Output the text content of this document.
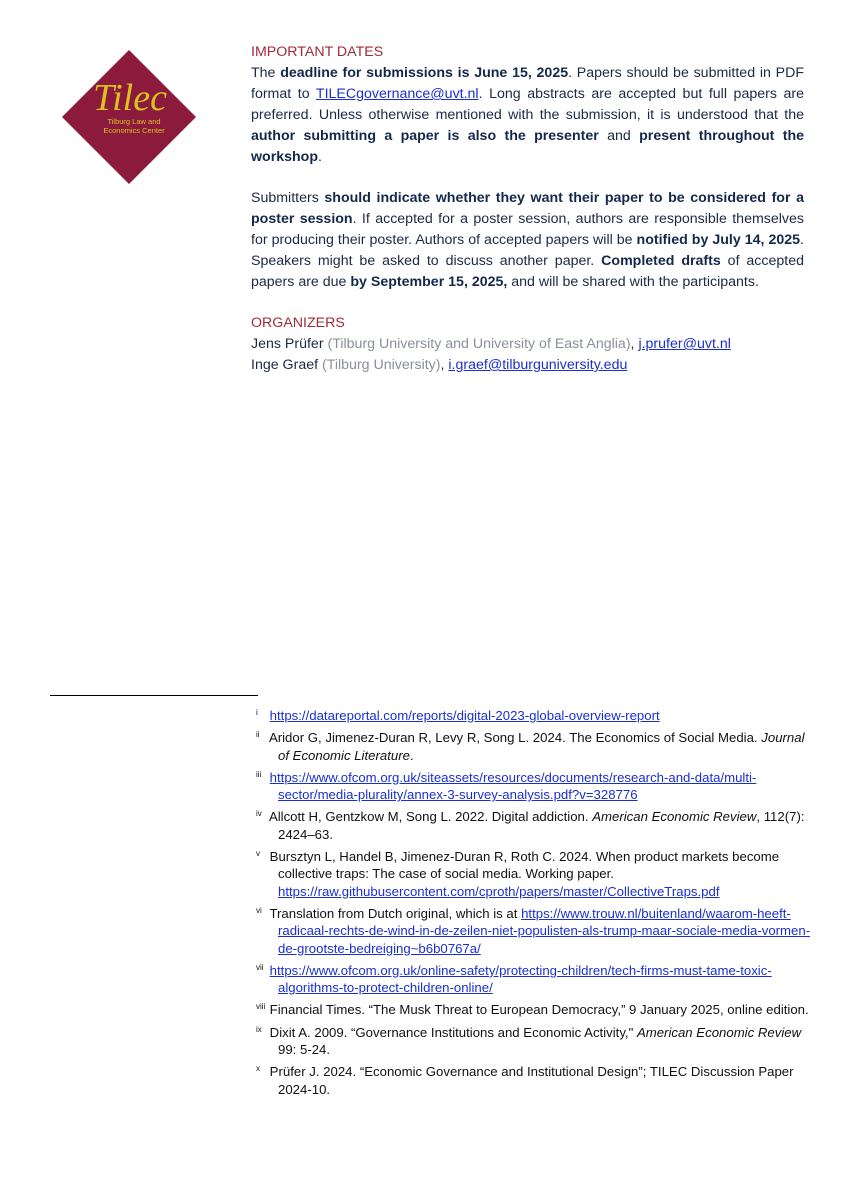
Tilec
Tilburg Law and
Economics Center
IMPORTANT DATES

The deadline for submissions is June 15, 2025. Papers should be submitted in PDF format to TILECgovernance@uvt.nl. Long abstracts are accepted but full papers are preferred. Unless otherwise mentioned with the submission, it is understood that the author submitting a paper is also the presenter and present throughout the workshop.

Submitters should indicate whether they want their paper to be considered for a poster session. If accepted for a poster session, authors are responsible themselves for producing their poster. Authors of accepted papers will be notified by July 14, 2025. Speakers might be asked to discuss another paper. Completed drafts of accepted papers are due by September 15, 2025, and will be shared with the participants.

ORGANIZERS
Jens Prüfer (Tilburg University and University of East Anglia), j.prufer@uvt.nl
Inge Graef (Tilburg University), i.graef@tilburguniversity.edu

$^i$ https://datareportal.com/reports/digital-2023-global-overview-report

$^{ii}$ Aridor G, Jimenez-Duran R, Levy R, Song L. 2024. The Economics of Social Media. Journal of Economic Literature.

$^{iii}$ https://www.ofcom.org.uk/siteassets/resources/documents/research-and-data/multi-sector/media-plurality/annex-3-survey-analysis.pdf?v=328776

$^{iv}$ Allcott H, Gentzkow M, Song L. 2022. Digital addiction. American Economic Review, 112(7): 2424–63.

$^v$ Bursztyn L, Handel B, Jimenez-Duran R, Roth C. 2024. When product markets become collective traps: The case of social media. Working paper. https://raw.githubusercontent.com/cproth/papers/master/CollectiveTraps.pdf

$^{vi}$ Translation from Dutch original, which is at https://www.trouw.nl/buitenland/waarom-heeft-radicaal-rechts-de-wind-in-de-zeilen-niet-populisten-als-trump-maar-sociale-media-vormen-de-grootste-bedreiging~b6b0767a/

$^{vii}$ https://www.ofcom.org.uk/online-safety/protecting-children/tech-firms-must-tame-toxic-algorithms-to-protect-children-online/

$^{viii}$ Financial Times. “The Musk Threat to European Democracy,” 9 January 2025, online edition.

$^{ix}$ Dixit A. 2009. “Governance Institutions and Economic Activity," American Economic Review 99: 5-24.

$^x$ Prüfer J. 2024. “Economic Governance and Institutional Design”; TILEC Discussion Paper 2024-10.
